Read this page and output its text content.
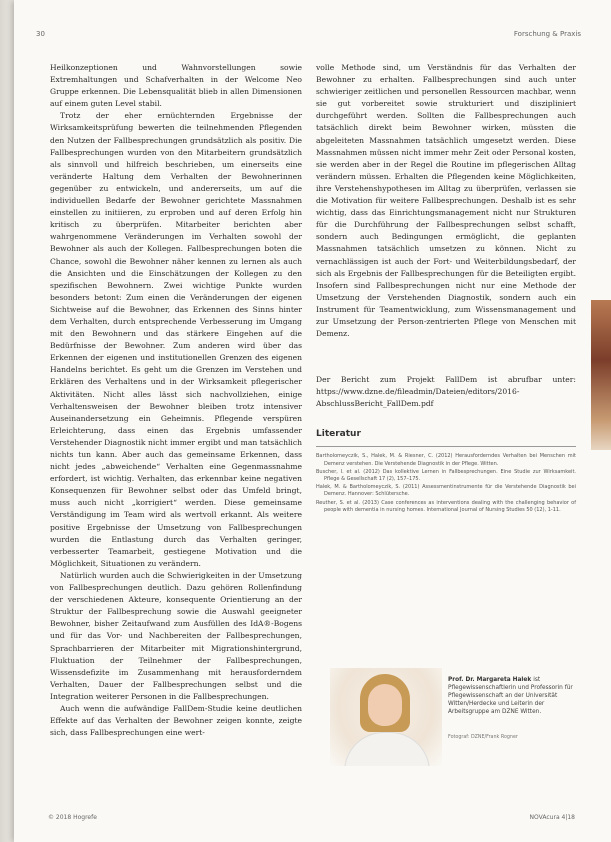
30	Forschung & Praxis

Heilkonzeptionen und Wahnvorstellungen sowie Extremhaltungen und Schafverhalten in der Welcome Neo Gruppe erkennen. Die Lebensqualität blieb in allen Dimensionen auf einem guten Level stabil.

Trotz der eher ernüchternden Ergebnisse der Wirksamkeitsprüfung bewerten die teilnehmenden Pflegenden den Nutzen der Fallbesprechungen grundsätzlich als positiv. Die Fallbesprechungen wurden von den Mitarbeitern grundsätzlich als sinnvoll und hilfreich beschrieben, um einerseits eine veränderte Haltung dem Verhalten der Bewohnerinnen gegenüber zu entwickeln, und andererseits, um auf die individuellen Bedarfe der Bewohner gerichtete Massnahmen einstellen zu initiieren, zu erproben und auf deren Erfolg hin kritisch zu überprüfen. Mitarbeiter berichten aber wahrgenommene Veränderungen im Verhalten sowohl der Bewohner als auch der Kollegen. Fallbesprechungen boten die Chance, sowohl die Bewohner näher kennen zu lernen als auch die Ansichten und die Einschätzungen der Kollegen zu den spezifischen Bewohnern. Zwei wichtige Punkte wurden besonders betont: Zum einen die Veränderungen der eigenen Sichtweise auf die Bewohner, das Erkennen des Sinns hinter dem Verhalten, durch entsprechende Verbesserung im Umgang mit den Bewohnern und das stärkere Eingehen auf die Bedürfnisse der Bewohner. Zum anderen wird über das Erkennen der eigenen und institutionellen Grenzen des eigenen Handelns berichtet. Es geht um die Grenzen im Verstehen und Erklären des Verhaltens und in der Wirksamkeit pflegerischer Aktivitäten. Nicht alles lässt sich nachvollziehen, einige Verhaltensweisen der Bewohner bleiben trotz intensiver Auseinandersetzung ein Geheimnis. Pflegende verspüren Erleichterung, dass einen das Ergebnis umfassender Verstehender Diagnostik nicht immer ergibt und man tatsächlich nichts tun kann. Aber auch das gemeinsame Erkennen, dass nicht jedes „abweichende“ Verhalten eine Gegenmassnahme erfordert, ist wichtig. Verhalten, das erkennbar keine negativen Konsequenzen für Bewohner selbst oder das Umfeld bringt, muss auch nicht „korrigiert“ werden. Diese gemeinsame Verständigung im Team wird als wertvoll erkannt. Als weitere positive Ergebnisse der Umsetzung von Fallbesprechungen wurden die Entlastung durch das Verhalten geringer, verbesserter Teamarbeit, gestiegene Motivation und die Möglichkeit, Situationen zu verändern.

Natürlich wurden auch die Schwierigkeiten in der Umsetzung von Fallbesprechungen deutlich. Dazu gehören Rollenfindung der verschiedenen Akteure, konsequente Orientierung an der Struktur der Fallbesprechung sowie die Auswahl geeigneter Bewohner, bisher Zeitaufwand zum Ausfüllen des IdA®-Bogens und für das Vor- und Nachbereiten der Fallbesprechungen, Sprachbarrieren der Mitarbeiter mit Migrationshintergrund, Fluktuation der Teilnehmer der Fallbesprechungen, Wissensdefizite im Zusammenhang mit herausforderndem Verhalten, Dauer der Fallbesprechungen selbst und die Integration weiterer Personen in die Fallbesprechungen.

Auch wenn die aufwändige FallDem-Studie keine deutlichen Effekte auf das Verhalten der Bewohner zeigen konnte, zeigte sich, dass Fallbesprechungen eine wert-

volle Methode sind, um Verständnis für das Verhalten der Bewohner zu erhalten. Fallbesprechungen sind auch unter schwieriger zeitlichen und personellen Ressourcen machbar, wenn sie gut vorbereitet sowie strukturiert und diszipliniert durchgeführt werden. Sollten die Fallbesprechungen auch tatsächlich direkt beim Bewohner wirken, müssten die abgeleiteten Massnahmen tatsächlich umgesetzt werden. Diese Massnahmen müssen nicht immer mehr Zeit oder Personal kosten, sie werden aber in der Regel die Routine im pflegerischen Alltag verändern müssen. Erhalten die Pflegenden keine Möglichkeiten, ihre Verstehenshypothesen im Alltag zu überprüfen, verlassen sie die Motivation für weitere Fallbesprechungen. Deshalb ist es sehr wichtig, dass das Einrichtungsmanagement nicht nur Strukturen für die Durchführung der Fallbesprechungen selbst schafft, sondern auch Bedingungen ermöglicht, die geplanten Massnahmen tatsächlich umsetzen zu können. Nicht zu vernachlässigen ist auch der Fort- und Weiterbildungsbedarf, der sich als Ergebnis der Fallbesprechungen für die Beteiligten ergibt. Insofern sind Fallbesprechungen nicht nur eine Methode der Umsetzung der Verstehenden Diagnostik, sondern auch ein Instrument für Teamentwicklung, zum Wissensmanagement und zur Umsetzung der Person-zentrierten Pflege von Menschen mit Demenz.

Der Bericht zum Projekt FallDem ist abrufbar unter: https://www.dzne.de/fileadmin/Dateien/editors/2016-AbschlussBericht_FallDem.pdf

Literatur
Bartholomeyczik, S., Halek, M. & Riesner, C. (2012) Herausforderndes Verhalten bei Menschen mit Demenz verstehen. Die Verstehende Diagnostik in der Pflege. Witten.
Buscher, I. et al. (2012) Das kollektive Lernen in Fallbesprechungen. Eine Studie zur Wirksamkeit. Pflege & Gesellschaft 17 (2), 157–175.
Halek, M. & Bartholomeyczik, S. (2011) Assessmentinstrumente für die Verstehende Diagnostik bei Demenz. Hannover: Schlütersche.
Reuther, S. et al. (2013) Case conferences as interventions dealing with the challenging behavior of people with dementia in nursing homes. International Journal of Nursing Studies 50 (12), 1-11.
Prof. Dr. Margareta Halek ist Pflegewissenschaftlerin und Professorin für Pflegewissenschaft an der Universität Witten/Herdecke und Leiterin der Arbeitsgruppe am DZNE Witten.
Fotograf: DZNE/Frank Rogner
© 2018 Hogrefe	NOVAcura 4|18
